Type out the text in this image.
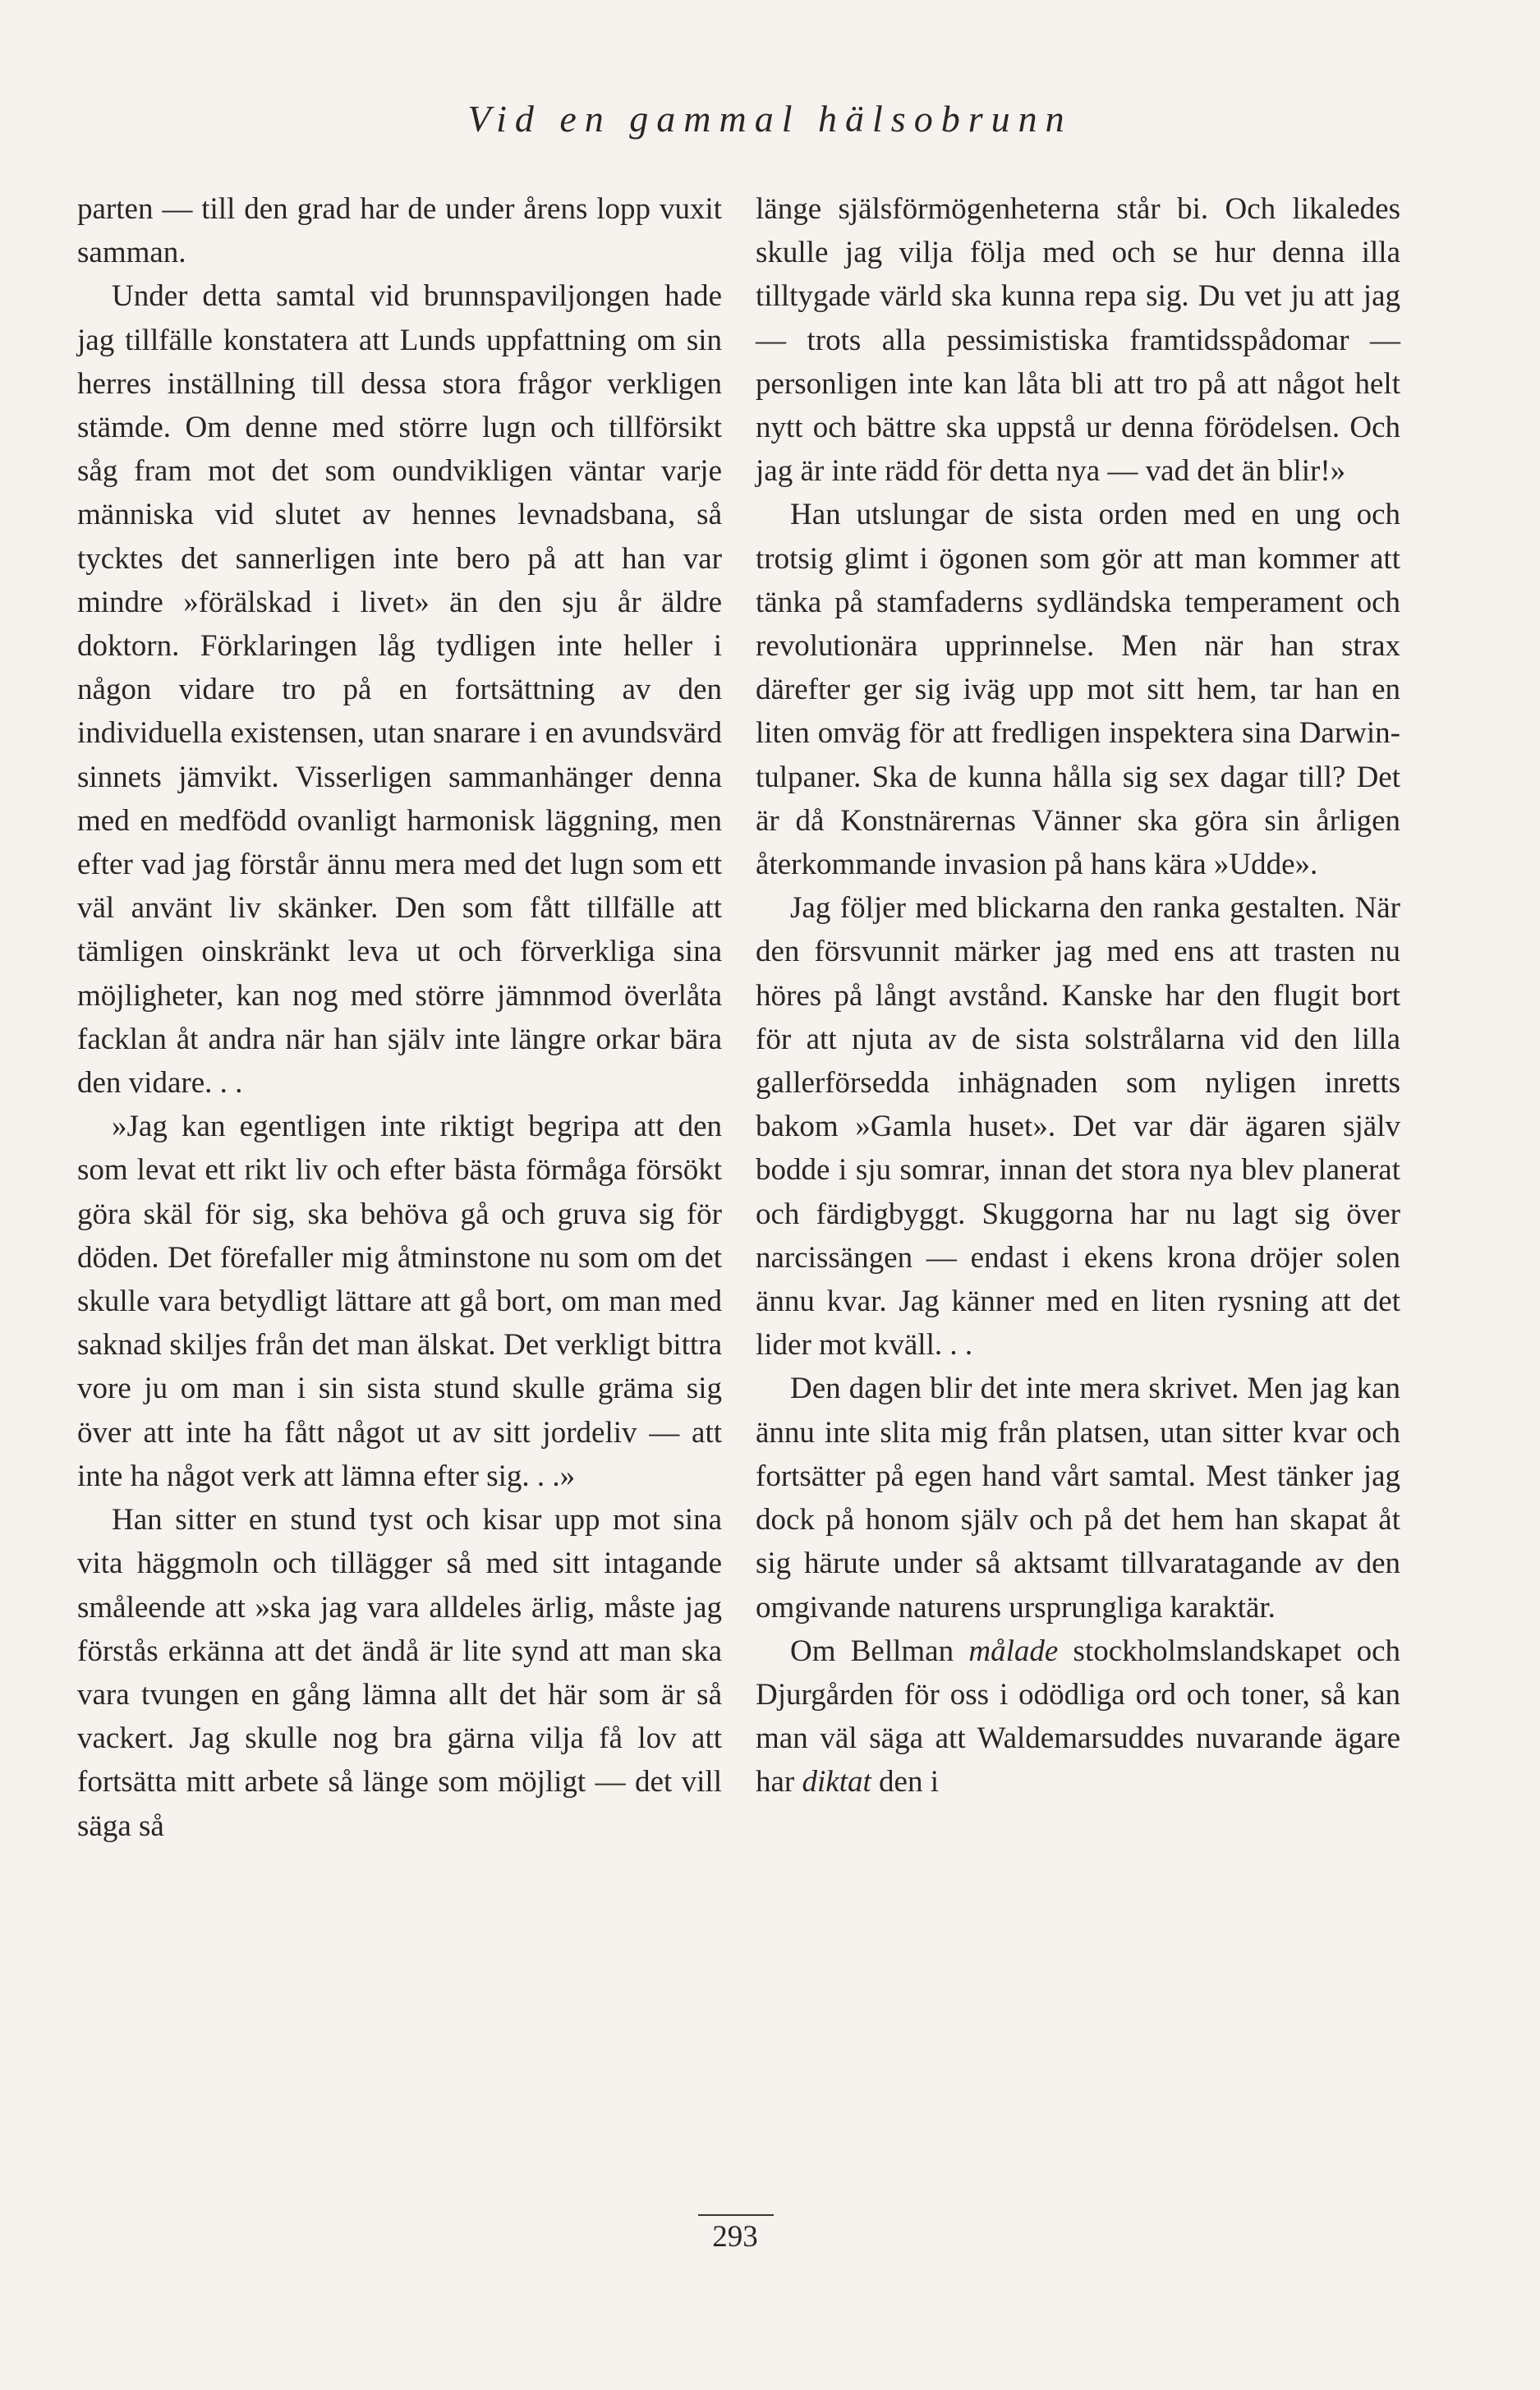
Vid en gammal hälsobrunn

parten — till den grad har de under årens lopp vuxit samman.

Under detta samtal vid brunnspaviljongen hade jag tillfälle konstatera att Lunds uppfattning om sin herres inställning till dessa stora frågor verkligen stämde. Om denne med större lugn och tillförsikt såg fram mot det som oundvikligen väntar varje människa vid slutet av hennes levnadsbana, så tycktes det sannerligen inte bero på att han var mindre »förälskad i livet» än den sju år äldre doktorn. Förklaringen låg tydligen inte heller i någon vidare tro på en fortsättning av den individuella existensen, utan snarare i en avundsvärd sinnets jämvikt. Visserligen sammanhänger denna med en medfödd ovanligt harmonisk läggning, men efter vad jag förstår ännu mera med det lugn som ett väl använt liv skänker. Den som fått tillfälle att tämligen oinskränkt leva ut och förverkliga sina möjligheter, kan nog med större jämnmod överlåta facklan åt andra när han själv inte längre orkar bära den vidare. . .

»Jag kan egentligen inte riktigt begripa att den som levat ett rikt liv och efter bästa förmåga försökt göra skäl för sig, ska behöva gå och gruva sig för döden. Det förefaller mig åtminstone nu som om det skulle vara betydligt lättare att gå bort, om man med saknad skiljes från det man älskat. Det verkligt bittra vore ju om man i sin sista stund skulle gräma sig över att inte ha fått något ut av sitt jordeliv — att inte ha något verk att lämna efter sig. . .»

Han sitter en stund tyst och kisar upp mot sina vita häggmoln och tillägger så med sitt intagande småleende att »ska jag vara alldeles ärlig, måste jag förstås erkänna att det ändå är lite synd att man ska vara tvungen en gång lämna allt det här som är så vackert. Jag skulle nog bra gärna vilja få lov att fortsätta mitt arbete så länge som möjligt — det vill säga så

länge själsförmögenheterna står bi. Och likaledes skulle jag vilja följa med och se hur denna illa tilltygade värld ska kunna repa sig. Du vet ju att jag — trots alla pessimistiska framtidsspådomar — personligen inte kan låta bli att tro på att något helt nytt och bättre ska uppstå ur denna förödelsen. Och jag är inte rädd för detta nya — vad det än blir!»

Han utslungar de sista orden med en ung och trotsig glimt i ögonen som gör att man kommer att tänka på stamfaderns sydländska temperament och revolutionära upprinnelse. Men när han strax därefter ger sig iväg upp mot sitt hem, tar han en liten omväg för att fredligen inspektera sina Darwin-tulpaner. Ska de kunna hålla sig sex dagar till? Det är då Konstnärernas Vänner ska göra sin årligen återkommande invasion på hans kära »Udde».

Jag följer med blickarna den ranka gestalten. När den försvunnit märker jag med ens att trasten nu höres på långt avstånd. Kanske har den flugit bort för att njuta av de sista solstrålarna vid den lilla gallerförsedda inhägnaden som nyligen inretts bakom »Gamla huset». Det var där ägaren själv bodde i sju somrar, innan det stora nya blev planerat och färdigbyggt. Skuggorna har nu lagt sig över narcissängen — endast i ekens krona dröjer solen ännu kvar. Jag känner med en liten rysning att det lider mot kväll. . .

Den dagen blir det inte mera skrivet. Men jag kan ännu inte slita mig från platsen, utan sitter kvar och fortsätter på egen hand vårt samtal. Mest tänker jag dock på honom själv och på det hem han skapat åt sig härute under så aktsamt tillvaratagande av den omgivande naturens ursprungliga karaktär.

Om Bellman målade stockholmslandskapet och Djurgården för oss i odödliga ord och toner, så kan man väl säga att Waldemarsuddes nuvarande ägare har diktat den i

293
